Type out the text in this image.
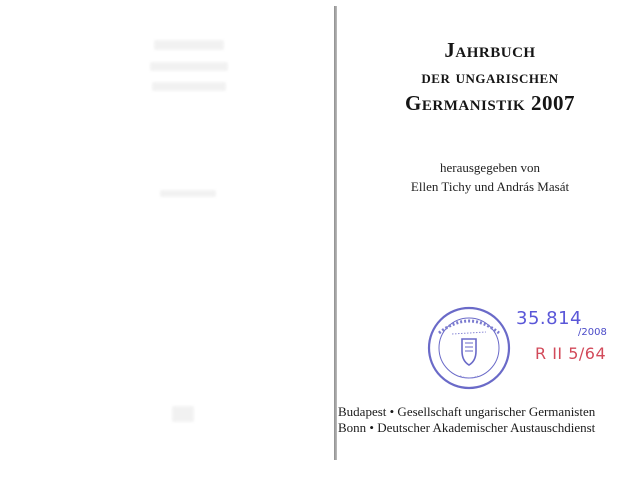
Jahrbuch
der ungarischen
Germanistik 2007
herausgegeben von
Ellen Tichy und András Masát
35.814
/2008
R II 5/64
Budapest • Gesellschaft ungarischer Germanisten
Bonn • Deutscher Akademischer Austauschdienst
